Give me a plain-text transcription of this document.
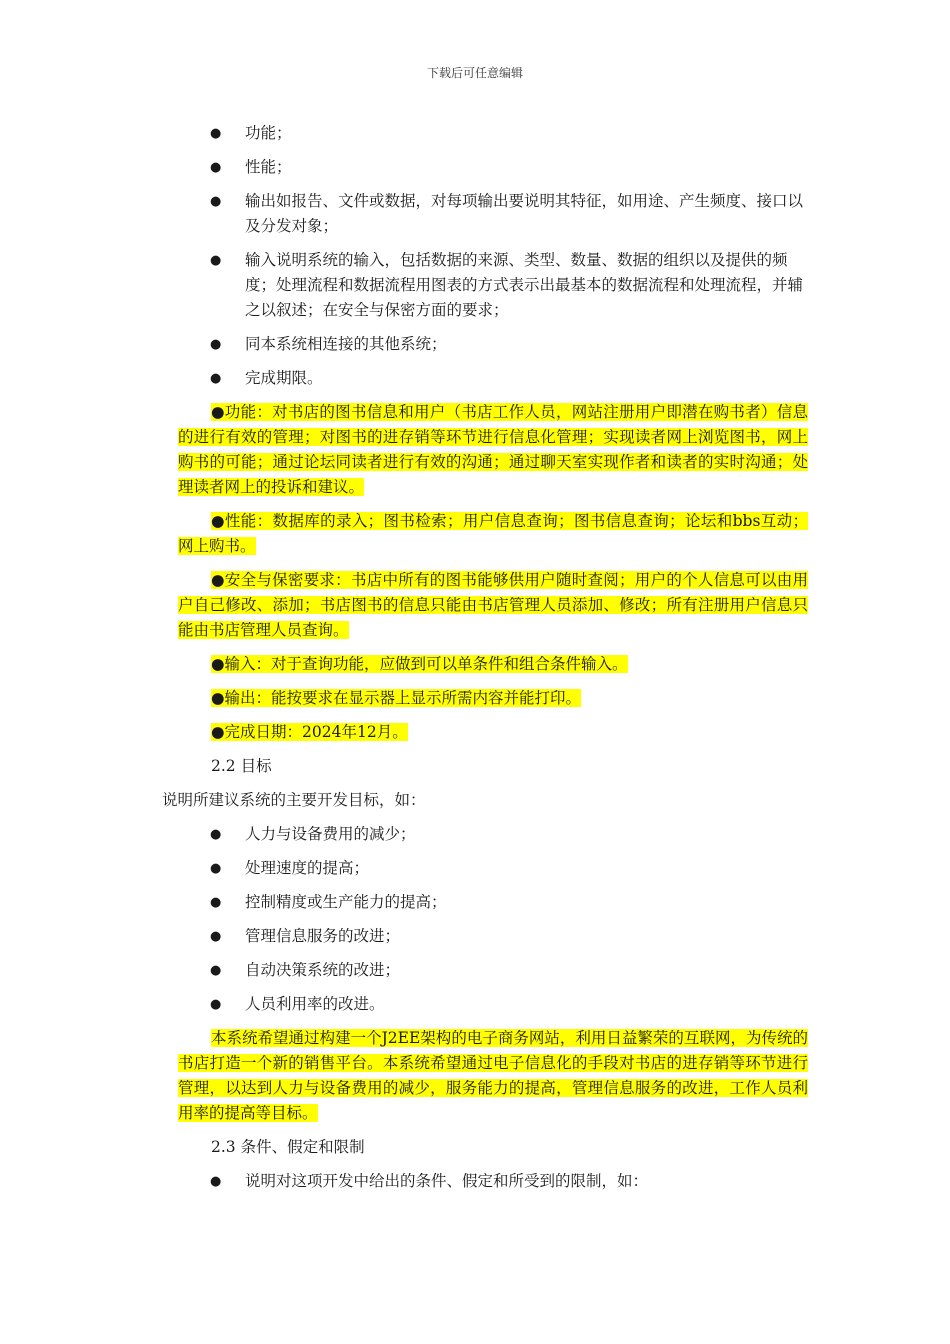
下载后可任意编辑
● 功能；
● 性能；
● 输出如报告、文件或数据，对每项输出要说明其特征，如用途、产生频度、接口以及分发对象；
● 输入说明系统的输入，包括数据的来源、类型、数量、数据的组织以及提供的频度；处理流程和数据流程用图表的方式表示出最基本的数据流程和处理流程，并辅之以叙述；在安全与保密方面的要求；
● 同本系统相连接的其他系统；
● 完成期限。
●功能：对书店的图书信息和用户（书店工作人员，网站注册用户即潜在购书者）信息的进行有效的管理；对图书的进存销等环节进行信息化管理；实现读者网上浏览图书，网上购书的可能；通过论坛同读者进行有效的沟通；通过聊天室实现作者和读者的实时沟通；处理读者网上的投诉和建议。
●性能：数据库的录入；图书检索；用户信息查询；图书信息查询；论坛和bbs互动；网上购书。
●安全与保密要求：书店中所有的图书能够供用户随时查阅；用户的个人信息可以由用户自己修改、添加；书店图书的信息只能由书店管理人员添加、修改；所有注册用户信息只能由书店管理人员查询。
●输入：对于查询功能，应做到可以单条件和组合条件输入。
●输出：能按要求在显示器上显示所需内容并能打印。
●完成日期：2024年12月。
2.2 目标
说明所建议系统的主要开发目标，如：
● 人力与设备费用的减少；
● 处理速度的提高；
● 控制精度或生产能力的提高；
● 管理信息服务的改进；
● 自动决策系统的改进；
● 人员利用率的改进。
本系统希望通过构建一个J2EE架构的电子商务网站，利用日益繁荣的互联网，为传统的书店打造一个新的销售平台。本系统希望通过电子信息化的手段对书店的进存销等环节进行管理，以达到人力与设备费用的减少，服务能力的提高，管理信息服务的改进，工作人员利用率的提高等目标。
2.3 条件、假定和限制
● 说明对这项开发中给出的条件、假定和所受到的限制，如：
